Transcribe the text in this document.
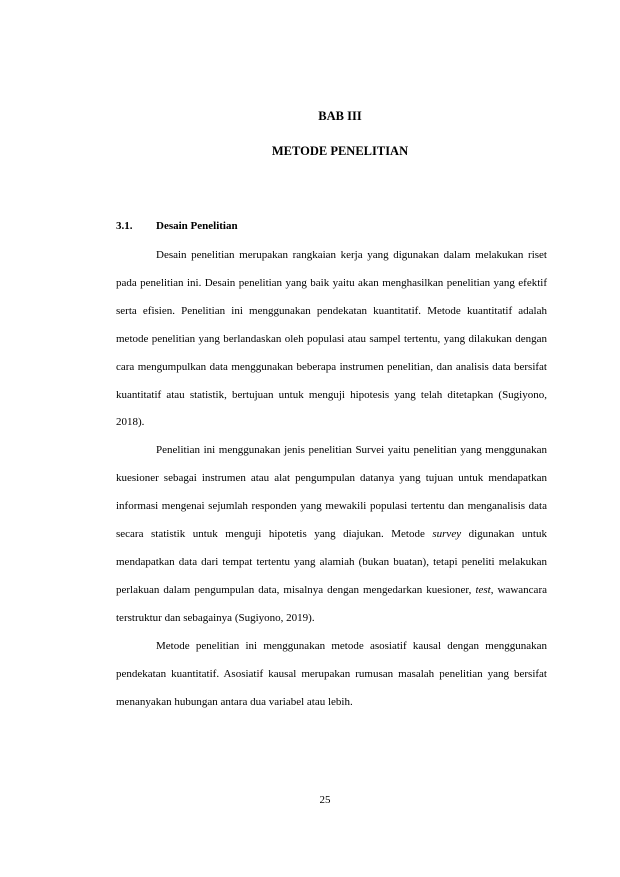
BAB III
METODE PENELITIAN
3.1. Desain Penelitian

Desain penelitian merupakan rangkaian kerja yang digunakan dalam melakukan riset pada penelitian ini. Desain penelitian yang baik yaitu akan menghasilkan penelitian yang efektif serta efisien. Penelitian ini menggunakan pendekatan kuantitatif. Metode kuantitatif adalah metode penelitian yang berlandaskan oleh populasi atau sampel tertentu, yang dilakukan dengan cara mengumpulkan data menggunakan beberapa instrumen penelitian, dan analisis data bersifat kuantitatif atau statistik, bertujuan untuk menguji hipotesis yang telah ditetapkan (Sugiyono, 2018).

Penelitian ini menggunakan jenis penelitian Survei yaitu penelitian yang menggunakan kuesioner sebagai instrumen atau alat pengumpulan datanya yang tujuan untuk mendapatkan informasi mengenai sejumlah responden yang mewakili populasi tertentu dan menganalisis data secara statistik untuk menguji hipotetis yang diajukan. Metode survey digunakan untuk mendapatkan data dari tempat tertentu yang alamiah (bukan buatan), tetapi peneliti melakukan perlakuan dalam pengumpulan data, misalnya dengan mengedarkan kuesioner, test, wawancara terstruktur dan sebagainya (Sugiyono, 2019).

Metode penelitian ini menggunakan metode asosiatif kausal dengan menggunakan pendekatan kuantitatif. Asosiatif kausal merupakan rumusan masalah penelitian yang bersifat menanyakan hubungan antara dua variabel atau lebih.

25
